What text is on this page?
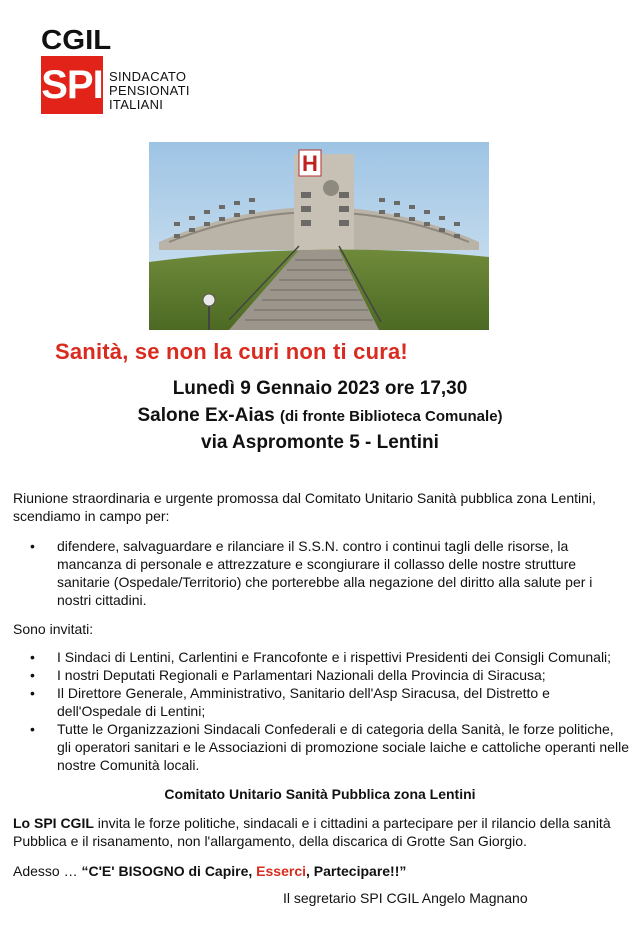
CGIL
SPI SINDACATO
PENSIONATI
ITALIANI
H
Sanità, se non la curi non ti cura!
Lunedì 9 Gennaio 2023 ore 17,30
Salone Ex-Aias (di fronte Biblioteca Comunale)
via Aspromonte 5 - Lentini
Riunione straordinaria e urgente promossa dal Comitato Unitario Sanità pubblica zona Lentini, scendiamo in campo per:
• difendere, salvaguardare e rilanciare il S.S.N. contro i continui tagli delle risorse, la mancanza di personale e attrezzature e scongiurare il collasso delle nostre strutture sanitarie (Ospedale/Territorio) che porterebbe alla negazione del diritto alla salute per i nostri cittadini.
Sono invitati:
• I Sindaci di Lentini, Carlentini e Francofonte e i rispettivi Presidenti dei Consigli Comunali;
• I nostri Deputati Regionali e Parlamentari Nazionali della Provincia di Siracusa;
• Il Direttore Generale, Amministrativo, Sanitario dell'Asp Siracusa, del Distretto e dell'Ospedale di Lentini;
• Tutte le Organizzazioni Sindacali Confederali e di categoria della Sanità, le forze politiche, gli operatori sanitari e le Associazioni di promozione sociale laiche e cattoliche operanti nelle nostre Comunità locali.
Comitato Unitario Sanità Pubblica zona Lentini
Lo SPI CGIL invita le forze politiche, sindacali e i cittadini a partecipare per il rilancio della sanità Pubblica e il risanamento, non l'allargamento, della discarica di Grotte San Giorgio.
Adesso … “C'E' BISOGNO di Capire, Esserci, Partecipare!!”
Il segretario SPI CGIL Angelo Magnano
